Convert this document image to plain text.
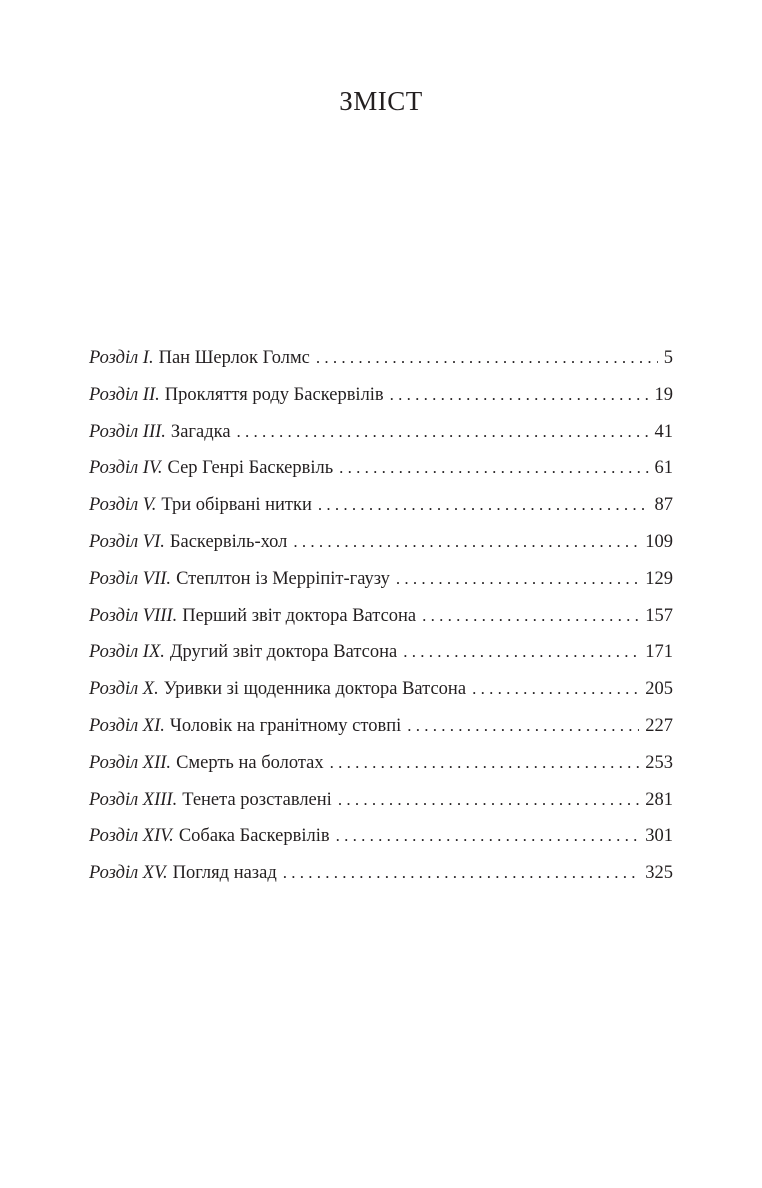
ЗМІСТ
Розділ I. Пан Шерлок Голмс . . .	5
Розділ II. Прокляття роду Баскервілів . . .	19
Розділ III. Загадка . . .	41
Розділ IV. Сер Генрі Баскервіль . . .	61
Розділ V. Три обірвані нитки . . .	87
Розділ VI. Баскервіль-хол . . .	109
Розділ VII. Степлтон із Мерріпіт-гаузу . . .	129
Розділ VIII. Перший звіт доктора Ватсона . . .	157
Розділ IX. Другий звіт доктора Ватсона . . .	171
Розділ X. Уривки зі щоденника доктора Ватсона . . .	205
Розділ XI. Чоловік на гранітному стовпі . . .	227
Розділ XII. Смерть на болотах . . .	253
Розділ XIII. Тенета розставлені . . .	281
Розділ XIV. Собака Баскервілів . . .	301
Розділ XV. Погляд назад . . .	325
